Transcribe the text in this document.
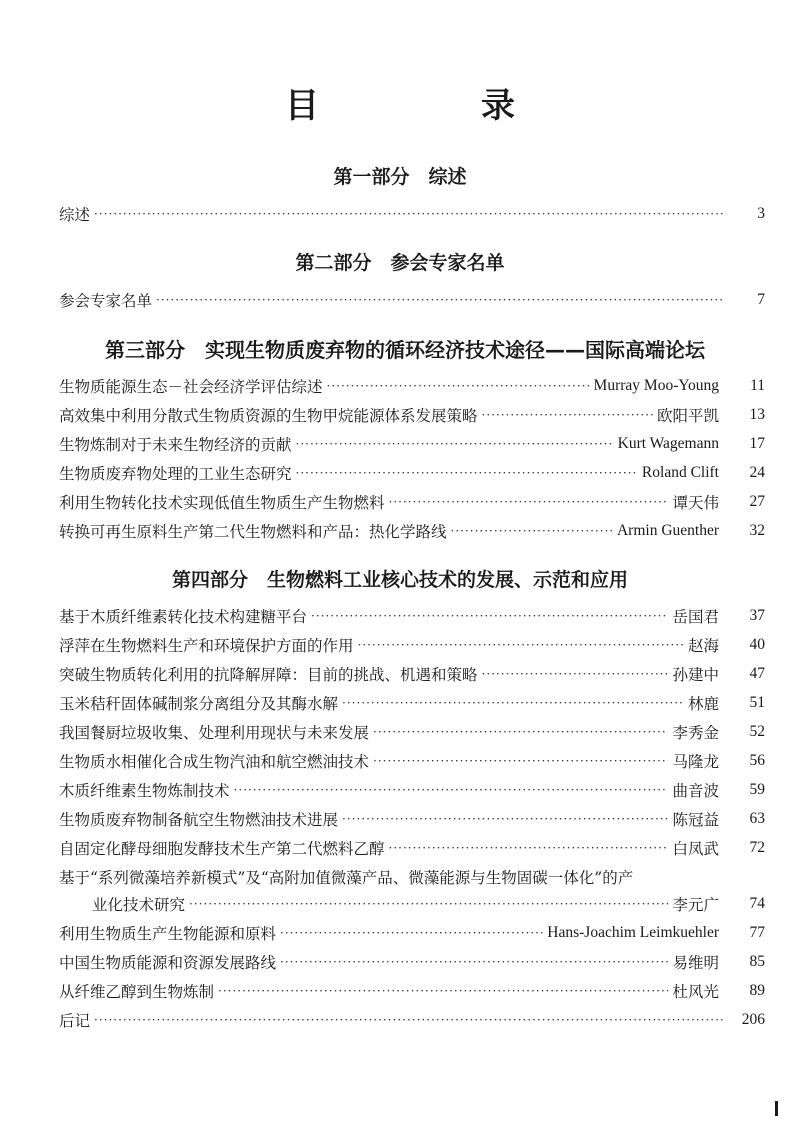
目　录
第一部分　综述
综述 ·····	3
第二部分　参会专家名单
参会专家名单 ·····	7
第三部分　实现生物质废弃物的循环经济技术途径——国际高端论坛
生物质能源生态－社会经济学评估综述 ·····	Murray Moo-Young	11
高效集中利用分散式生物质资源的生物甲烷能源体系发展策略 ·····	欧阳平凯	13
生物炼制对于未来生物经济的贡献 ·····	Kurt Wagemann	17
生物质废弃物处理的工业生态研究 ·····	Roland Clift	24
利用生物转化技术实现低值生物质生产生物燃料 ·····	谭天伟	27
转换可再生原料生产第二代生物燃料和产品：热化学路线 ·····	Armin Guenther	32
第四部分　生物燃料工业核心技术的发展、示范和应用
基于木质纤维素转化技术构建糖平台 ·····	岳国君	37
浮萍在生物燃料生产和环境保护方面的作用 ·····	赵海	40
突破生物质转化利用的抗降解屏障：目前的挑战、机遇和策略 ·····	孙建中	47
玉米秸秆固体碱制浆分离组分及其酶水解 ·····	林鹿	51
我国餐厨垃圾收集、处理利用现状与未来发展 ·····	李秀金	52
生物质水相催化合成生物汽油和航空燃油技术 ·····	马隆龙	56
木质纤维素生物炼制技术 ·····	曲音波	59
生物质废弃物制备航空生物燃油技术进展 ·····	陈冠益	63
自固定化酵母细胞发酵技术生产第二代燃料乙醇 ·····	白凤武	72
基于“系列微藻培养新模式”及“高附加值微藻产品、微藻能源与生物固碳一体化”的产
业化技术研究 ·····	李元广	74
利用生物质生产生物能源和原料 ·····	Hans-Joachim Leimkuehler	77
中国生物质能源和资源发展路线 ·····	易维明	85
从纤维乙醇到生物炼制 ·····	杜风光	89
后记 ·····	206
